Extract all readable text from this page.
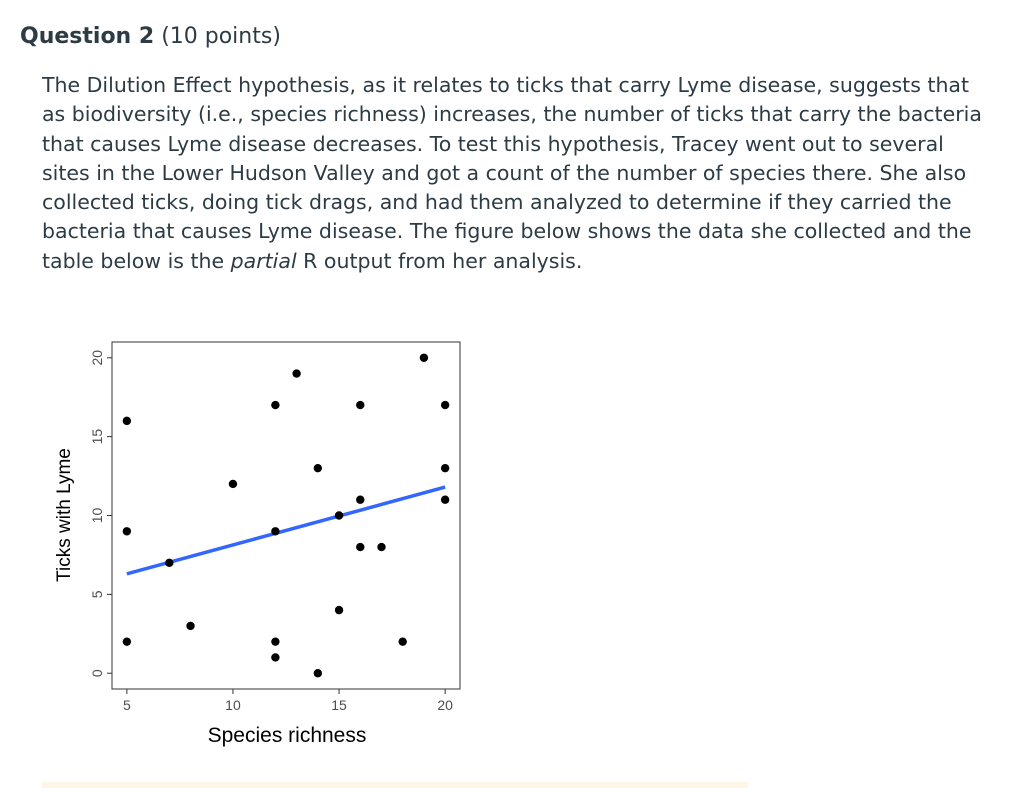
Question 2 (10 points)
The Dilution Effect hypothesis, as it relates to ticks that carry Lyme disease, suggests that as biodiversity (i.e., species richness) increases, the number of ticks that carry the bacteria that causes Lyme disease decreases. To test this hypothesis, Tracey went out to several sites in the Lower Hudson Valley and got a count of the number of species there. She also collected ticks, doing tick drags, and had them analyzed to determine if they carried the bacteria that causes Lyme disease. The figure below shows the data she collected and the table below is the partial R output from her analysis.
0
5
10
15
20
5	10	15	20
Species richness
Ticks with Lyme
